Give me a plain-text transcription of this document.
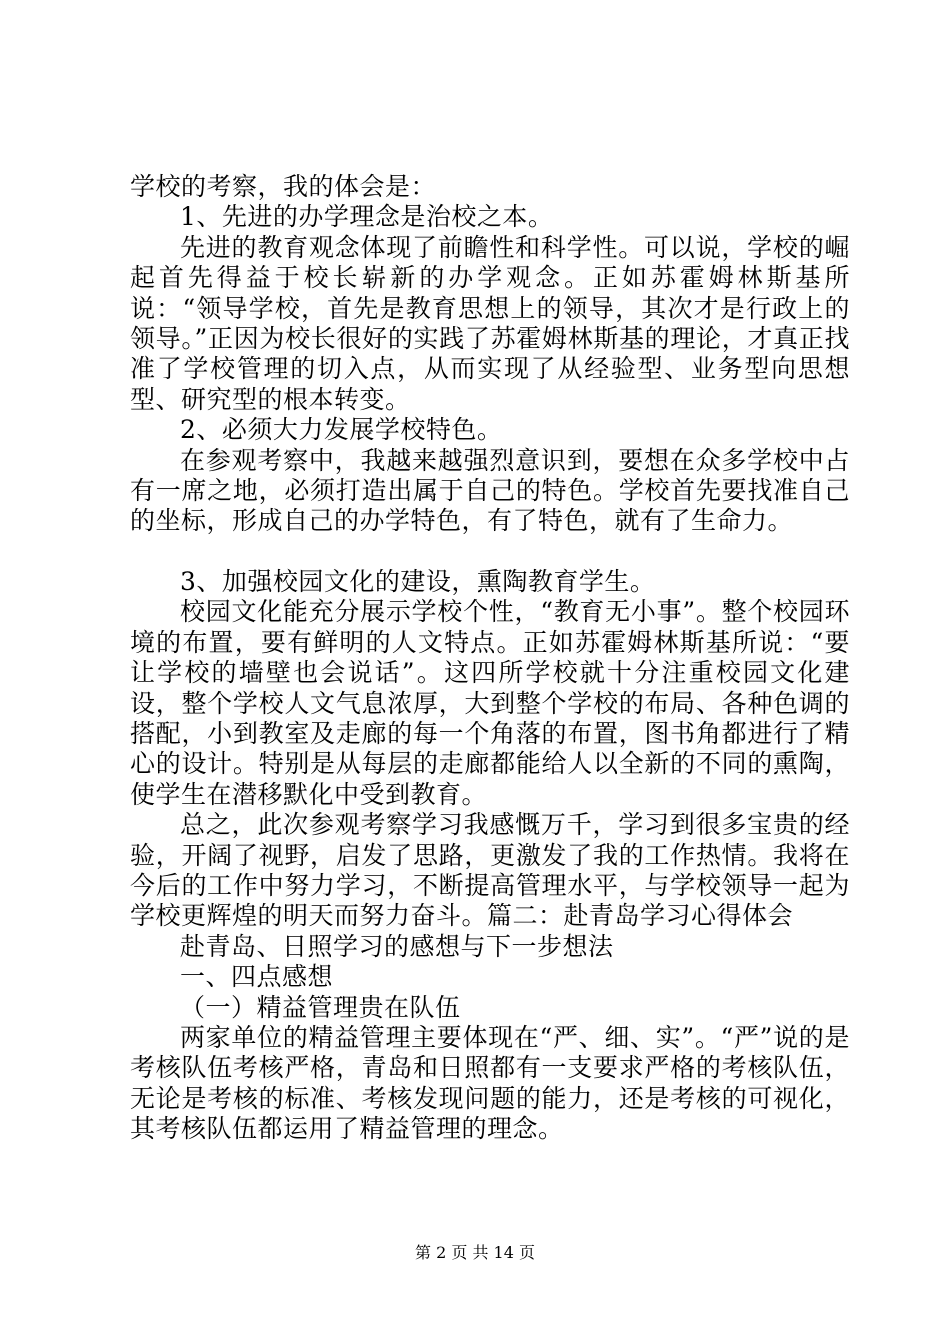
学校的考察，我的体会是：

1、先进的办学理念是治校之本。

先进的教育观念体现了前瞻性和科学性。可以说，学校的崛起首先得益于校长崭新的办学观念。正如苏霍姆林斯基所说：“领导学校，首先是教育思想上的领导，其次才是行政上的领导。”正因为校长很好的实践了苏霍姆林斯基的理论，才真正找准了学校管理的切入点，从而实现了从经验型、业务型向思想型、研究型的根本转变。

2、必须大力发展学校特色。

在参观考察中，我越来越强烈意识到，要想在众多学校中占有一席之地，必须打造出属于自己的特色。学校首先要找准自己的坐标，形成自己的办学特色，有了特色，就有了生命力。

3、加强校园文化的建设，熏陶教育学生。

校园文化能充分展示学校个性，“教育无小事”。整个校园环境的布置，要有鲜明的人文特点。正如苏霍姆林斯基所说：“要让学校的墙壁也会说话”。这四所学校就十分注重校园文化建设，整个学校人文气息浓厚，大到整个学校的布局、各种色调的搭配，小到教室及走廊的每一个角落的布置，图书角都进行了精心的设计。特别是从每层的走廊都能给人以全新的不同的熏陶，使学生在潜移默化中受到教育。

总之，此次参观考察学习我感慨万千，学习到很多宝贵的经验，开阔了视野，启发了思路，更激发了我的工作热情。我将在今后的工作中努力学习，不断提高管理水平，与学校领导一起为学校更辉煌的明天而努力奋斗。篇二：赴青岛学习心得体会

赴青岛、日照学习的感想与下一步想法

一、四点感想

（一）精益管理贵在队伍

两家单位的精益管理主要体现在“严、细、实”。“严”说的是考核队伍考核严格，青岛和日照都有一支要求严格的考核队伍，无论是考核的标准、考核发现问题的能力，还是考核的可视化，其考核队伍都运用了精益管理的理念。

第 2 页 共 14 页
